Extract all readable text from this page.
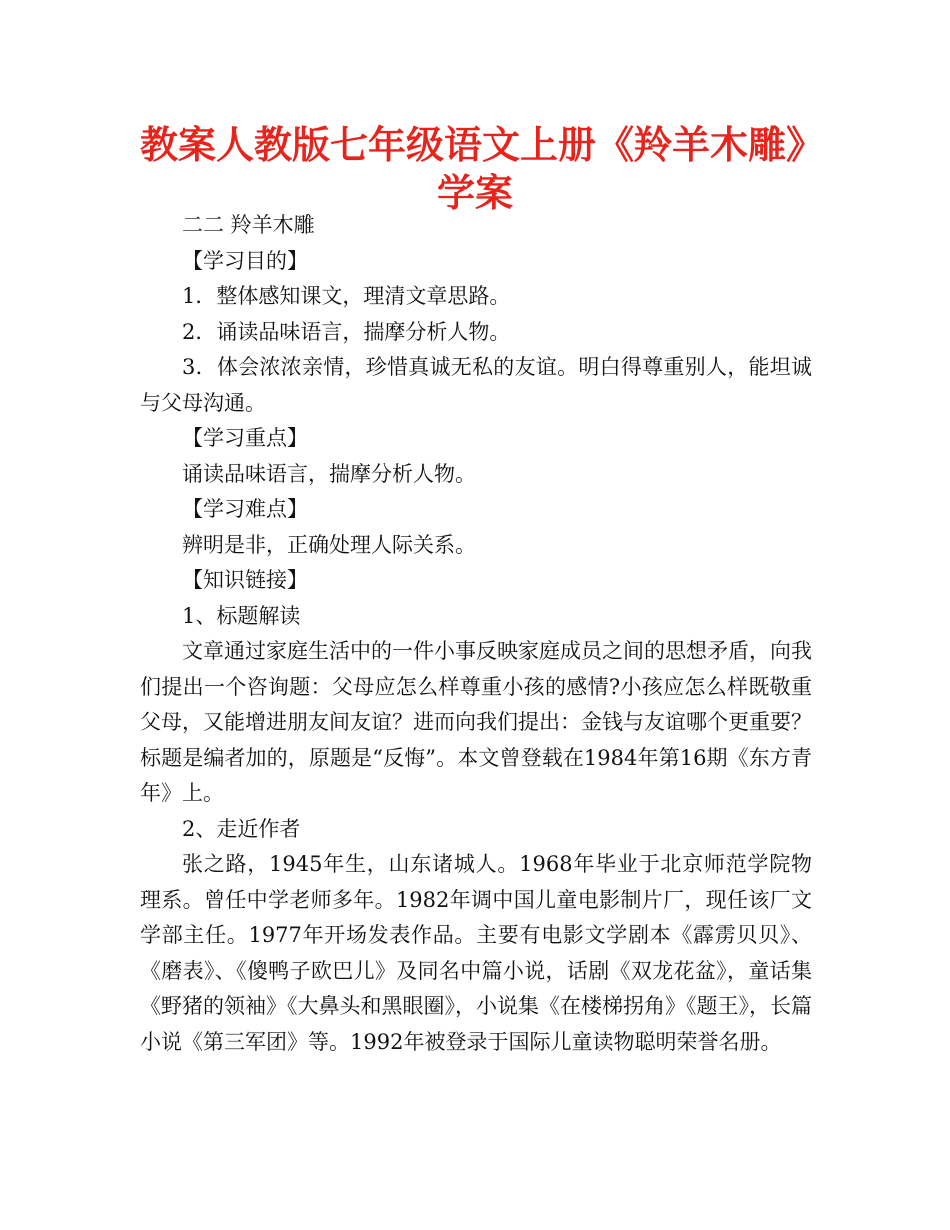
教案人教版七年级语文上册《羚羊木雕》
学案

二二 羚羊木雕

【学习目的】

1．整体感知课文，理清文章思路。

2．诵读品味语言，揣摩分析人物。

3．体会浓浓亲情，珍惜真诚无私的友谊。明白得尊重别人，能坦诚与父母沟通。

【学习重点】

诵读品味语言，揣摩分析人物。

【学习难点】

辨明是非，正确处理人际关系。

【知识链接】

1、标题解读

文章通过家庭生活中的一件小事反映家庭成员之间的思想矛盾，向我们提出一个咨询题：父母应怎么样尊重小孩的感情?小孩应怎么样既敬重父母，又能增进朋友间友谊？进而向我们提出：金钱与友谊哪个更重要？标题是编者加的，原题是“反悔”。本文曾登载在1984年第16期《东方青年》上。

2、走近作者

张之路，1945年生，山东诸城人。1968年毕业于北京师范学院物理系。曾任中学老师多年。1982年调中国儿童电影制片厂，现任该厂文学部主任。1977年开场发表作品。主要有电影文学剧本《霹雳贝贝》、《磨表》、《傻鸭子欧巴儿》及同名中篇小说，话剧《双龙花盆》，童话集《野猪的领袖》《大鼻头和黑眼圈》，小说集《在楼梯拐角》《题王》，长篇小说《第三军团》等。1992年被登录于国际儿童读物聪明荣誉名册。
